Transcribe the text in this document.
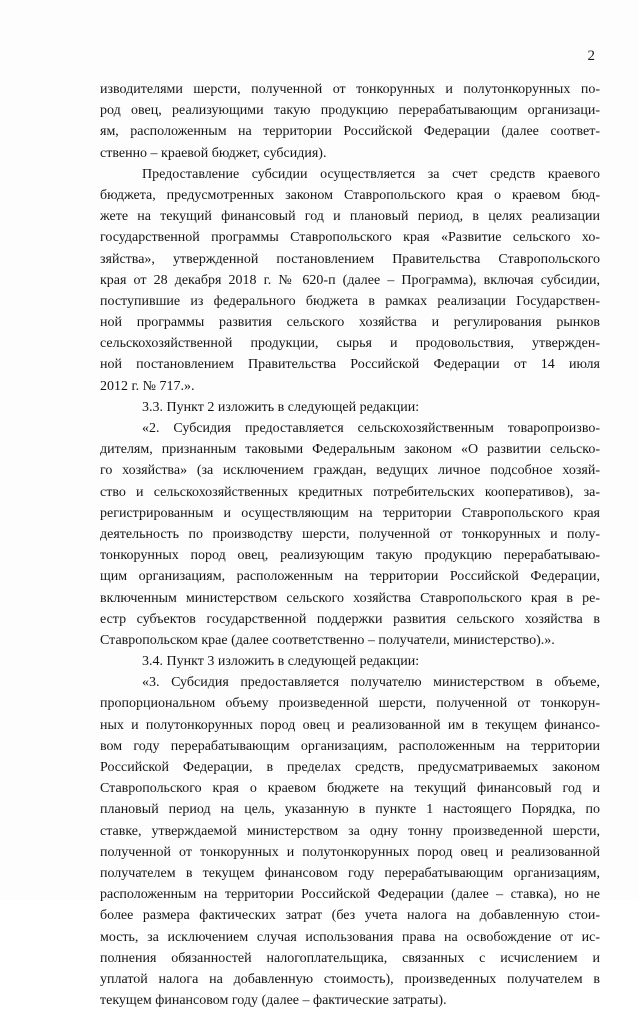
2
изводителями шерсти, полученной от тонкорунных и полутонкорунных по-
род овец, реализующими такую продукцию перерабатывающим организаци-
ям, расположенным на территории Российской Федерации (далее соответ-
ственно – краевой бюджет, субсидия).
Предоставление субсидии осуществляется за счет средств краевого
бюджета, предусмотренных законом Ставропольского края о краевом бюд-
жете на текущий финансовый год и плановый период, в целях реализации
государственной программы Ставропольского края «Развитие сельского хо-
зяйства», утвержденной постановлением Правительства Ставропольского
края от 28 декабря 2018 г. № 620-п (далее – Программа), включая субсидии,
поступившие из федерального бюджета в рамках реализации Государствен-
ной программы развития сельского хозяйства и регулирования рынков
сельскохозяйственной продукции, сырья и продовольствия, утвержден-
ной постановлением Правительства Российской Федерации от 14 июля
2012 г. № 717.».
3.3. Пункт 2 изложить в следующей редакции:
«2. Субсидия предоставляется сельскохозяйственным товаропроизво-
дителям, признанным таковыми Федеральным законом «О развитии сельско-
го хозяйства» (за исключением граждан, ведущих личное подсобное хозяй-
ство и сельскохозяйственных кредитных потребительских кооперативов), за-
регистрированным и осуществляющим на территории Ставропольского края
деятельность по производству шерсти, полученной от тонкорунных и полу-
тонкорунных пород овец, реализующим такую продукцию перерабатываю-
щим организациям, расположенным на территории Российской Федерации,
включенным министерством сельского хозяйства Ставропольского края в ре-
естр субъектов государственной поддержки развития сельского хозяйства в
Ставропольском крае (далее соответственно – получатели, министерство).».
3.4. Пункт 3 изложить в следующей редакции:
«3. Субсидия предоставляется получателю министерством в объеме,
пропорциональном объему произведенной шерсти, полученной от тонкорун-
ных и полутонкорунных пород овец и реализованной им в текущем финансо-
вом году перерабатывающим организациям, расположенным на территории
Российской Федерации, в пределах средств, предусматриваемых законом
Ставропольского края о краевом бюджете на текущий финансовый год и
плановый период на цель, указанную в пункте 1 настоящего Порядка, по
ставке, утверждаемой министерством за одну тонну произведенной шерсти,
полученной от тонкорунных и полутонкорунных пород овец и реализованной
получателем в текущем финансовом году перерабатывающим организациям,
расположенным на территории Российской Федерации (далее – ставка), но не
более размера фактических затрат (без учета налога на добавленную стои-
мость, за исключением случая использования права на освобождение от ис-
полнения обязанностей налогоплательщика, связанных с исчислением и
уплатой налога на добавленную стоимость), произведенных получателем в
текущем финансовом году (далее – фактические затраты).
